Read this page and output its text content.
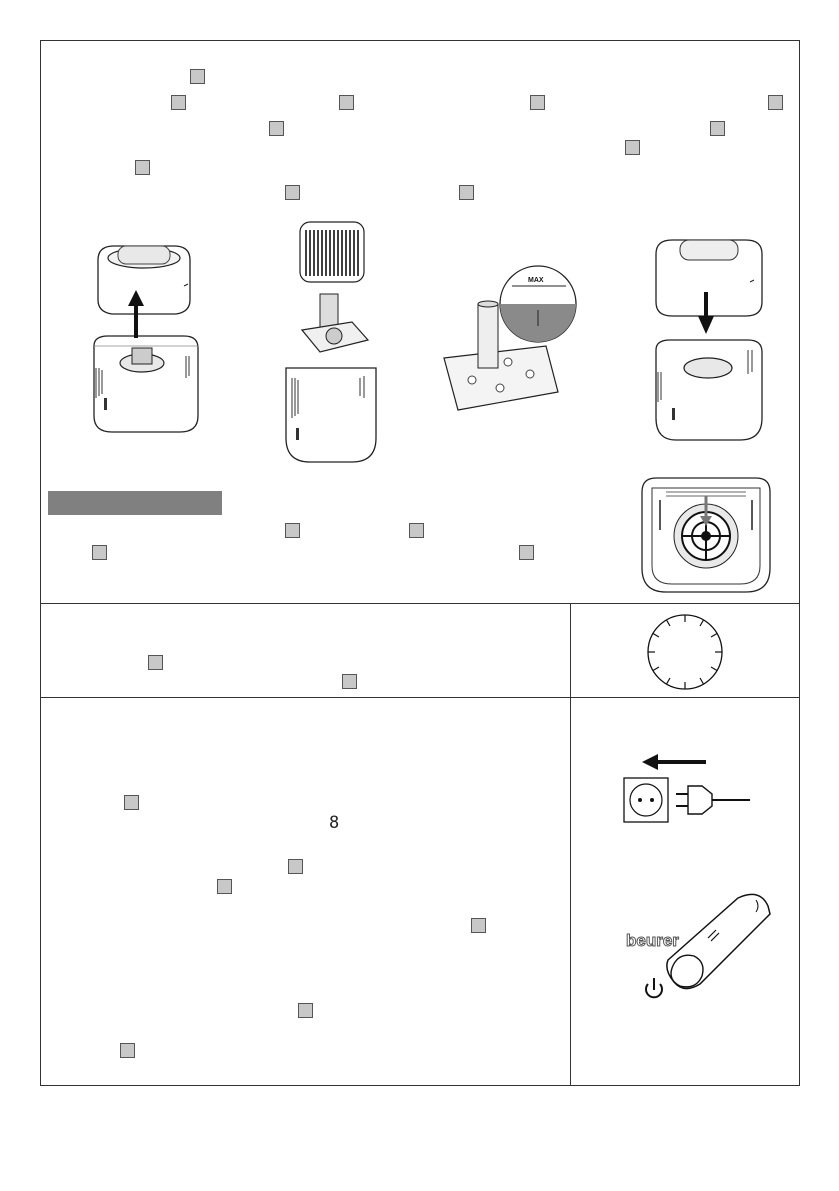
8
MAX
beurer
